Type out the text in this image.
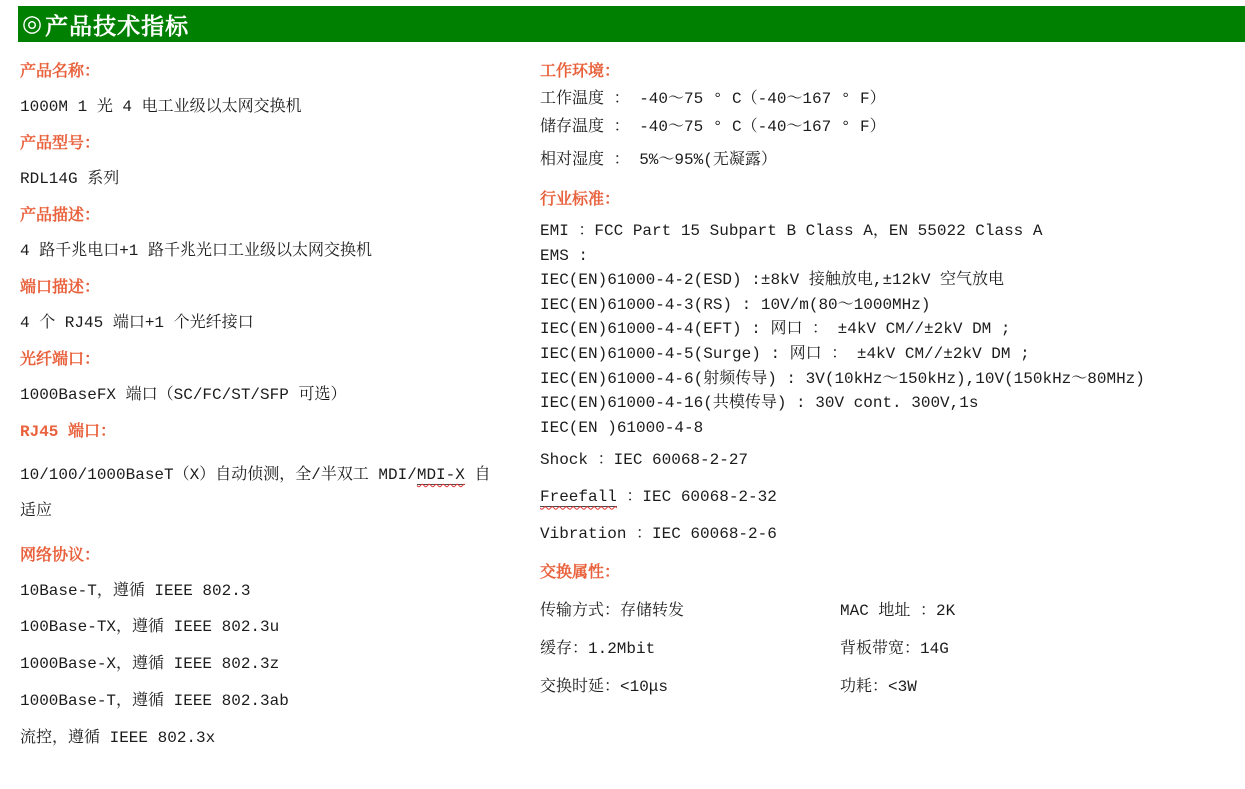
◎ 产品技术指标
产品名称：
1000M 1 光 4 电工业级以太网交换机
产品型号：
RDL14G 系列
产品描述：
4 路千兆电口+1 路千兆光口工业级以太网交换机
端口描述：
4 个 RJ45 端口+1 个光纤接口
光纤端口：
1000BaseFX 端口（SC/FC/ST/SFP 可选）
RJ45 端口：
10/100/1000BaseT（X）自动侦测，全/半双工 MDI/MDI-X 自适应
网络协议：
10Base-T，遵循 IEEE 802.3
100Base-TX，遵循 IEEE 802.3u
1000Base-X，遵循 IEEE 802.3z
1000Base-T，遵循 IEEE 802.3ab
流控，遵循 IEEE 802.3x
工作环境：
工作温度 ： -40～75 ° C（-40～167 ° F）
储存温度 ： -40～75 ° C（-40～167 ° F）
相对湿度 ： 5%～95%(无凝露）
行业标准：
EMI ：FCC Part 15 Subpart B Class A，EN 55022 Class A
EMS :
IEC(EN)61000-4-2(ESD) :±8kV 接触放电,±12kV 空气放电
IEC(EN)61000-4-3(RS) : 10V/m(80～1000MHz)
IEC(EN)61000-4-4(EFT) : 网口 ： ±4kV CM//±2kV DM ;
IEC(EN)61000-4-5(Surge) : 网口 ： ±4kV CM//±2kV DM ;
IEC(EN)61000-4-6(射频传导) : 3V(10kHz～150kHz),10V(150kHz～80MHz)
IEC(EN)61000-4-16(共模传导) : 30V cont. 300V,1s
IEC(EN )61000-4-8
Shock ：IEC 60068-2-27
Freefall ：IEC 60068-2-32
Vibration ：IEC 60068-2-6
交换属性：
传输方式：存储转发	MAC 地址 ：2K
缓存：1.2Mbit	背板带宽：14G
交换时延：<10μs	功耗：<3W
